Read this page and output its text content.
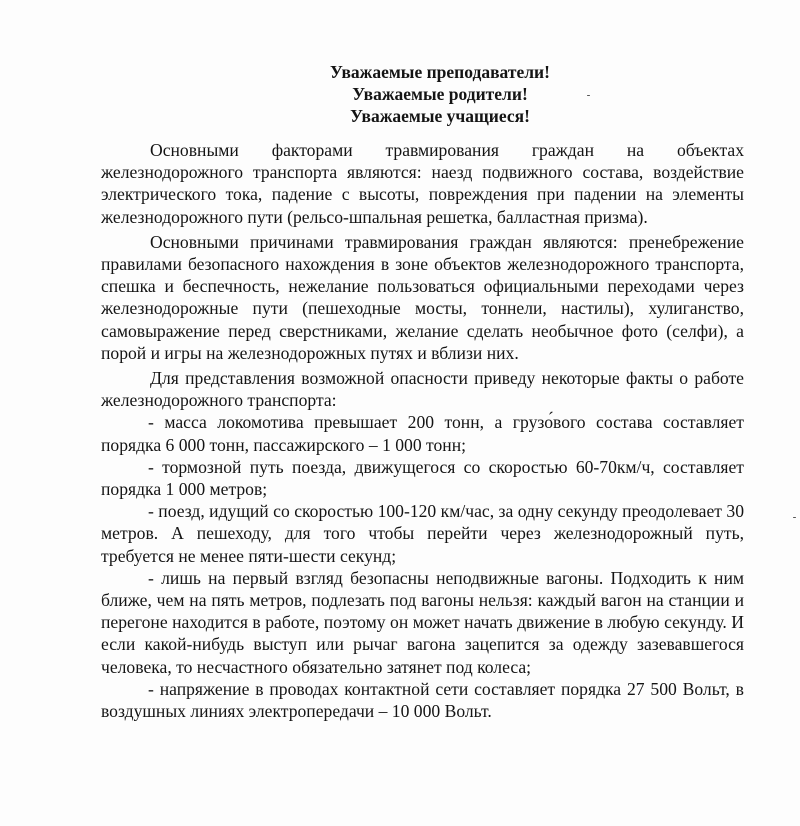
Уважаемые преподаватели!
Уважаемые родители!
Уважаемые учащиеся!

Основными факторами травмирования граждан на объектах железнодорожного транспорта являются: наезд подвижного состава, воздействие электрического тока, падение с высоты, повреждения при падении на элементы железнодорожного пути (рельсо-шпальная решетка, балластная призма).

Основными причинами травмирования граждан являются: пренебрежение правилами безопасного нахождения в зоне объектов железнодорожного транспорта, спешка и беспечность, нежелание пользоваться официальными переходами через железнодорожные пути (пешеходные мосты, тоннели, настилы), хулиганство, самовыражение перед сверстниками, желание сделать необычное фото (селфи), а порой и игры на железнодорожных путях и вблизи них.

Для представления возможной опасности приведу некоторые факты о работе железнодорожного транспорта:

- масса локомотива превышает 200 тонн, а грузо́вого состава составляет порядка 6 000 тонн, пассажирского – 1 000 тонн;

- тормозной путь поезда, движущегося со скоростью 60-70км/ч, составляет порядка 1 000 метров;

- поезд, идущий со скоростью 100-120 км/час, за одну секунду преодолевает 30 метров. А пешеходу, для того чтобы перейти через железнодорожный путь, требуется не менее пяти-шести секунд;

- лишь на первый взгляд безопасны неподвижные вагоны. Подходить к ним ближе, чем на пять метров, подлезать под вагоны нельзя: каждый вагон на станции и перегоне находится в работе, поэтому он может начать движение в любую секунду. И если какой-нибудь выступ или рычаг вагона зацепится за одежду зазевавшегося человека, то несчастного обязательно затянет под колеса;

- напряжение в проводах контактной сети составляет порядка 27 500 Вольт, в воздушных линиях электропередачи – 10 000 Вольт.
